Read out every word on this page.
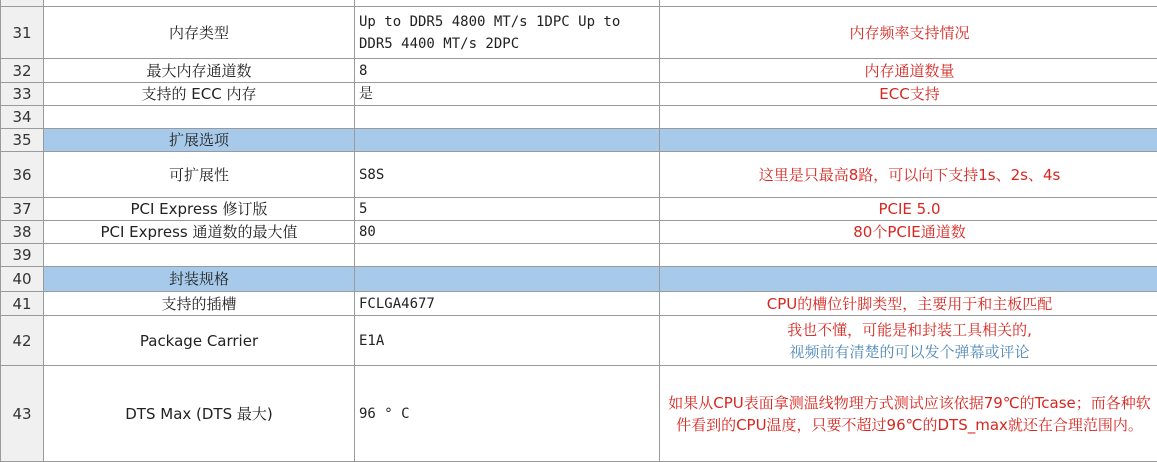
31	内存类型	Up to DDR5 4800 MT/s 1DPC Up to DDR5 4400 MT/s 2DPC	内存频率支持情况
32	最大内存通道数	8	内存通道数量
33	支持的 ECC 内存	是	ECC支持
34			
35	扩展选项		
36	可扩展性	S8S	这里是只最高8路，可以向下支持1s、2s、4s
37	PCI Express 修订版	5	PCIE 5.0
38	PCI Express 通道数的最大值	80	80个PCIE通道数
39			
40	封装规格		
41	支持的插槽	FCLGA4677	CPU的槽位针脚类型，主要用于和主板匹配
42	Package Carrier	E1A	我也不懂，可能是和封装工具相关的,
视频前有清楚的可以发个弹幕或评论

43	DTS Max (DTS 最大)	96 ° C	如果从CPU表面拿测温线物理方式测试应该依据79℃的Tcase；而各种软件看到的CPU温度，只要不超过96℃的DTS_max就还在合理范围内。
